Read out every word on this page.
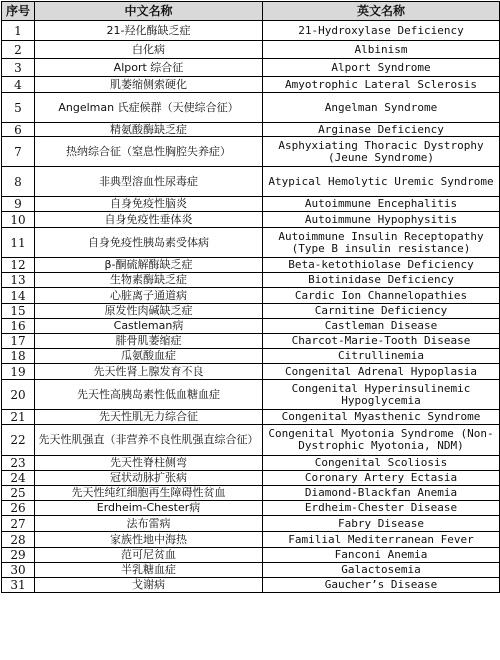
序号	中文名称	英文名称
1	21-羟化酶缺乏症	21-Hydroxylase Deficiency
2	白化病	Albinism
3	Alport 综合征	Alport Syndrome
4	肌萎缩侧索硬化	Amyotrophic Lateral Sclerosis
5	Angelman 氏症候群（天使综合征）	Angelman Syndrome
6	精氨酸酶缺乏症	Arginase Deficiency
7	热纳综合征（窒息性胸腔失养症）	Asphyxiating Thoracic Dystrophy (Jeune Syndrome)
8	非典型溶血性尿毒症	Atypical Hemolytic Uremic Syndrome
9	自身免疫性脑炎	Autoimmune Encephalitis
10	自身免疫性垂体炎	Autoimmune Hypophysitis
11	自身免疫性胰岛素受体病	Autoimmune Insulin Receptopathy (Type B insulin resistance)
12	β-酮硫解酶缺乏症	Beta-ketothiolase Deficiency
13	生物素酶缺乏症	Biotinidase Deficiency
14	心脏离子通道病	Cardic Ion Channelopathies
15	原发性肉碱缺乏症	Carnitine Deficiency
16	Castleman病	Castleman Disease
17	腓骨肌萎缩症	Charcot-Marie-Tooth Disease
18	瓜氨酸血症	Citrullinemia
19	先天性肾上腺发育不良	Congenital Adrenal Hypoplasia
20	先天性高胰岛素性低血糖血症	Congenital Hyperinsulinemic Hypoglycemia
21	先天性肌无力综合征	Congenital Myasthenic Syndrome
22	先天性肌强直（非营养不良性肌强直综合征）	Congenital Myotonia Syndrome (Non-Dystrophic Myotonia, NDM)
23	先天性脊柱侧弯	Congenital Scoliosis
24	冠状动脉扩张病	Coronary Artery Ectasia
25	先天性纯红细胞再生障碍性贫血	Diamond-Blackfan Anemia
26	Erdheim-Chester病	Erdheim-Chester Disease
27	法布雷病	Fabry Disease
28	家族性地中海热	Familial Mediterranean Fever
29	范可尼贫血	Fanconi Anemia
30	半乳糖血症	Galactosemia
31	戈谢病	Gaucher’s Disease
